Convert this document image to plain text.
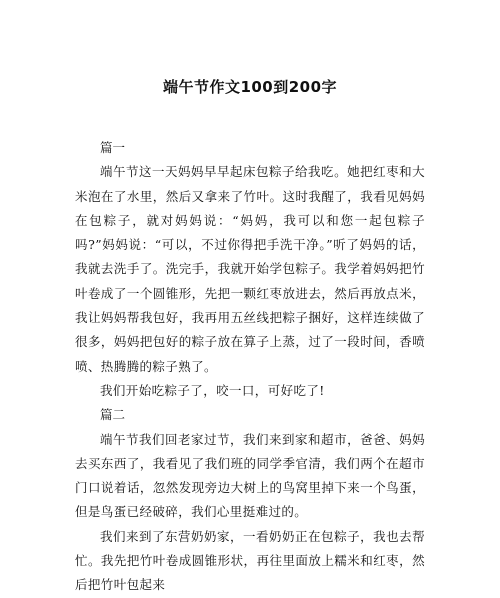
端午节作文100到200字

篇一

端午节这一天妈妈早早起床包粽子给我吃。她把红枣和大米泡在了水里，然后又拿来了竹叶。这时我醒了，我看见妈妈在包粽子，就对妈妈说：“妈妈，我可以和您一起包粽子吗?”妈妈说：“可以，不过你得把手洗干净。”听了妈妈的话，我就去洗手了。洗完手，我就开始学包粽子。我学着妈妈把竹叶卷成了一个圆锥形，先把一颗红枣放进去，然后再放点米，我让妈妈帮我包好，我再用五丝线把粽子捆好，这样连续做了很多，妈妈把包好的粽子放在算子上蒸，过了一段时间，香喷喷、热腾腾的粽子熟了。

我们开始吃粽子了，咬一口，可好吃了!

篇二

端午节我们回老家过节，我们来到家和超市，爸爸、妈妈去买东西了，我看见了我们班的同学季官清，我们两个在超市门口说着话，忽然发现旁边大树上的鸟窝里掉下来一个鸟蛋，但是鸟蛋已经破碎，我们心里挺难过的。

我们来到了东营奶奶家，一看奶奶正在包粽子，我也去帮忙。我先把竹叶卷成圆锥形状，再往里面放上糯米和红枣，然后把竹叶包起来
